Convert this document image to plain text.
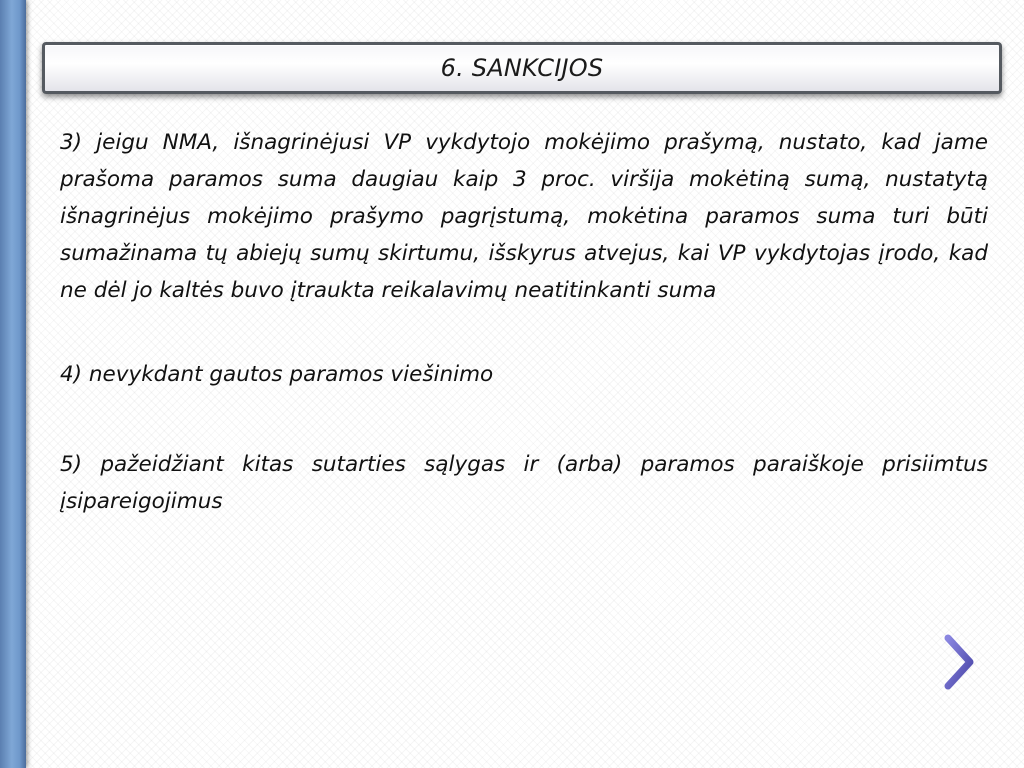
6. SANKCIJOS

3) jeigu NMA, išnagrinėjusi VP vykdytojo mokėjimo prašymą, nustato, kad jame prašoma paramos suma daugiau kaip 3 proc. viršija mokėtiną sumą, nustatytą išnagrinėjus mokėjimo prašymo pagrįstumą, mokėtina paramos suma turi būti sumažinama tų abiejų sumų skirtumu, išskyrus atvejus, kai VP vykdytojas įrodo, kad ne dėl jo kaltės buvo įtraukta reikalavimų neatitinkanti suma

4) nevykdant gautos paramos viešinimo

5) pažeidžiant kitas sutarties sąlygas ir (arba) paramos paraiškoje prisiimtus įsipareigojimus
